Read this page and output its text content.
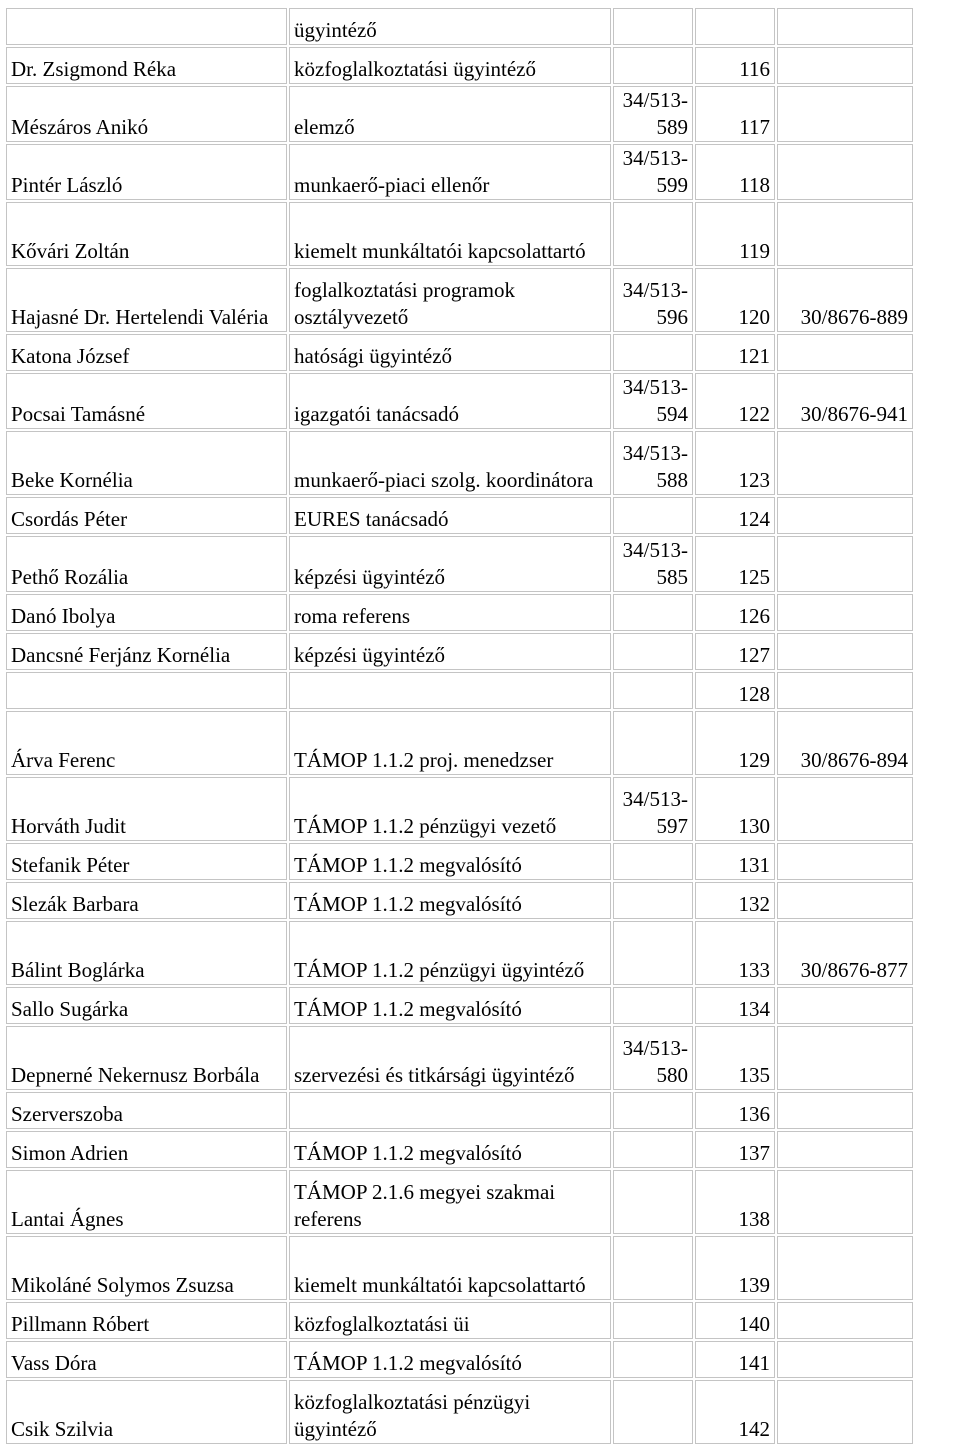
	ügyintéző			
Dr. Zsigmond Réka	közfoglalkoztatási ügyintéző		116	
Mészáros Anikó	elemző	34/513-589	117	
Pintér László	munkaerő-piaci ellenőr	34/513-599	118	
Kővári Zoltán	kiemelt munkáltatói kapcsolattartó		119	
Hajasné Dr. Hertelendi Valéria	foglalkoztatási programok osztályvezető	34/513-596	120	30/8676-889
Katona József	hatósági ügyintéző		121	
Pocsai Tamásné	igazgatói tanácsadó	34/513-594	122	30/8676-941
Beke Kornélia	munkaerő-piaci szolg. koordinátora	34/513-588	123	
Csordás Péter	EURES tanácsadó		124	
Pethő Rozália	képzési ügyintéző	34/513-585	125	
Danó Ibolya	roma referens		126	
Dancsné Ferjánz Kornélia	képzési ügyintéző		127	
			128	
Árva Ferenc	TÁMOP 1.1.2 proj. menedzser		129	30/8676-894
Horváth Judit	TÁMOP 1.1.2 pénzügyi vezető	34/513-597	130	
Stefanik Péter	TÁMOP 1.1.2 megvalósító		131	
Slezák Barbara	TÁMOP 1.1.2 megvalósító		132	
Bálint Boglárka	TÁMOP 1.1.2 pénzügyi ügyintéző		133	30/8676-877
Sallo Sugárka	TÁMOP 1.1.2 megvalósító		134	
Depnerné Nekernusz Borbála	szervezési és titkársági ügyintéző	34/513-580	135	
Szerverszoba			136	
Simon Adrien	TÁMOP 1.1.2 megvalósító		137	
Lantai Ágnes	TÁMOP 2.1.6 megyei szakmai referens		138	
Mikoláné Solymos Zsuzsa	kiemelt munkáltatói kapcsolattartó		139	
Pillmann Róbert	közfoglalkoztatási üi		140	
Vass Dóra	TÁMOP 1.1.2 megvalósító		141	
Csik Szilvia	közfoglalkoztatási pénzügyi ügyintéző		142	
